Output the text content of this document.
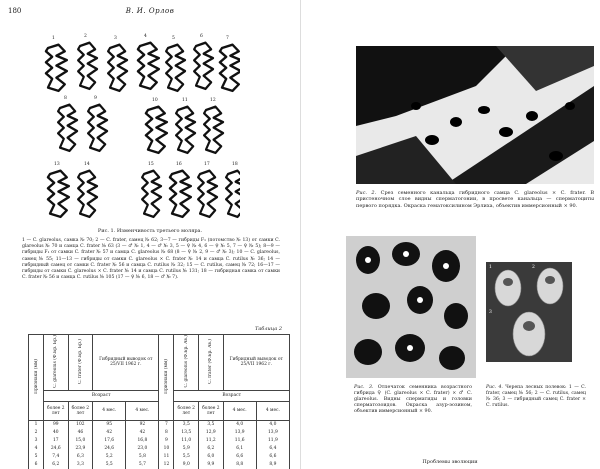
180	В. И. Орлов
1	2	3	4	5	6	7
8	9	10	11	12
13	14	15	16	17	18
Рис. 1. Изменчивость третьего моляра.
1 — C. glareolus, самка № 70; 2 — C. frater, самец № 62; 3—7 — гибриды F₁ (потомство № 13) от самки C. glareolus № 70 и самца C. frater № 63 (3 — ♂ № 1, 4 — ♂ № 3, 5 — ♀ № 4, 6 — ♀ № 5, 7 — ♀ № 5); 8—9 — гибриды F₁ от самки C. frater № 57 и самца C. glareolus № 68 (8 — ♀ № 2, 9 — ♂ № 3); 10 — C. glareolus, самец № 55; 11—13 — гибриды от самки C. glareolus × C. frater № 14 и самца C. rutilus № 36; 14 — гибридный самец от самки C. frater № 56 и самца C. rutilus № 32; 15 — C. rutilus, самец № 72; 16—17 — гибриды от самки C. glareolus × C. frater № 14 и самца C. rutilus № 131; 18 — гибридная самка от самки C. frater № 56 и самца C. rutilus № 105 (17 — ♀ № 6, 18 — ♂ № 7).
Таблица 2
Признаки (мм)	C. glareolus (Ф.Бр. Бр.)	C. frater (Ф.Бр. Бр.)	Гибридный выводок от 25/VII 1962 г.		Признаки (мм)	C. glareolus (Ф.Бр. Ав.)	C. frater (Ф.Бр. Ав.)	Гибридный выводок от 25/VII 1962 г.	
	Возраст					Возраст			
	более 2 лет	более 2 лет	4 мес.	4 мес.		более 2 лет	более 2 лет	4 мес.	4 мес.
1	99	102	95	92	7	3,5	3,5	4,0	4,0
2	40	46	42	42	8	13,5	12,9	13,9	13,9
3	17	15,0	17,6	16,8	9	11,0	11,2	11,6	11,9
4	24,6	23,9	24,6	23,0	10	5,9	6,2	6,1	6,4
5	7,4	6,3	5,2	5,8	11	5,5	6,0	6,6	6,6
6	6,2	3,3	5,5	5,7	12	9,0	9,9	8,8	8,9
Рис. 2. Срез семенного канальца гибридного самца C. glareolus × C. frater. В пристеночном слое видны сперматогонии, в просвете канальца — сперматоциты первого порядка. Окраска гематоксилином Эрлиха, объектив иммерсионный × 90.
Рис. 3. Отпечаток семенника возрастного гибрида ♀ (C. glareolus × C. frater) × ♂ C. glareolus. Видны сперматиды и головки сперматозоидов. Окраска азур-эозином, объектив иммерсионный × 90.
1	2
3
Рис. 4. Черепа лесных полевок: 1 — C. frater, самец № 56; 2 — C. rutilus, самец № 36; 3 — гибридный самец C. frater × C. rutilus.
Проблемы эволюции
